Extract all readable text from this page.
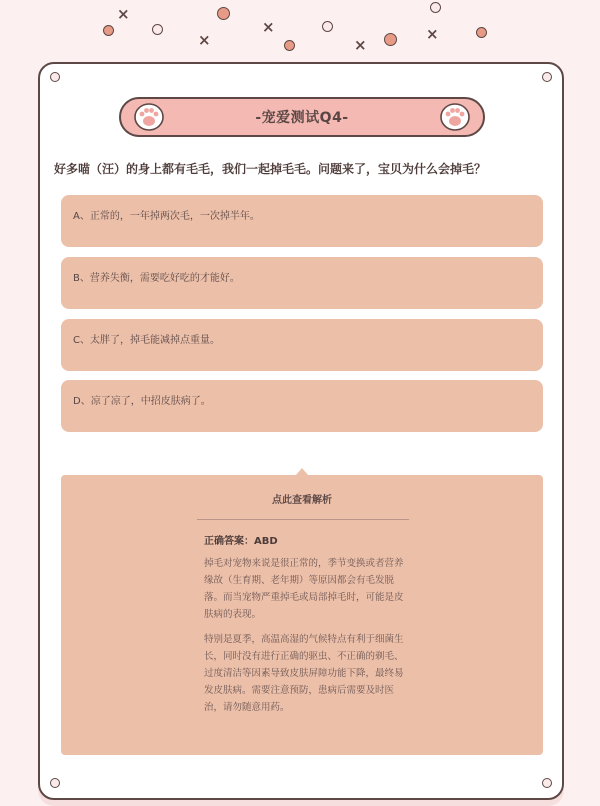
×
×
×
×
×
-宠爱测试Q4-
好多喵（汪）的身上都有毛毛，我们一起掉毛毛。问题来了，宝贝为什么会掉毛？
A、正常的，一年掉两次毛，一次掉半年。
B、营养失衡，需要吃好吃的才能好。
C、太胖了，掉毛能减掉点重量。
D、凉了凉了，中招皮肤病了。
点此查看解析
正确答案：ABD
掉毛对宠物来说是很正常的，季节变换或者营养缘故（生育期、老年期）等原因都会有毛发脱落。而当宠物严重掉毛或局部掉毛时，可能是皮肤病的表现。
特别是夏季，高温高湿的气候特点有利于细菌生长，同时没有进行正确的驱虫、不正确的剃毛、过度清洁等因素导致皮肤屏障功能下降，最终易发皮肤病。需要注意预防，患病后需要及时医治，请勿随意用药。
